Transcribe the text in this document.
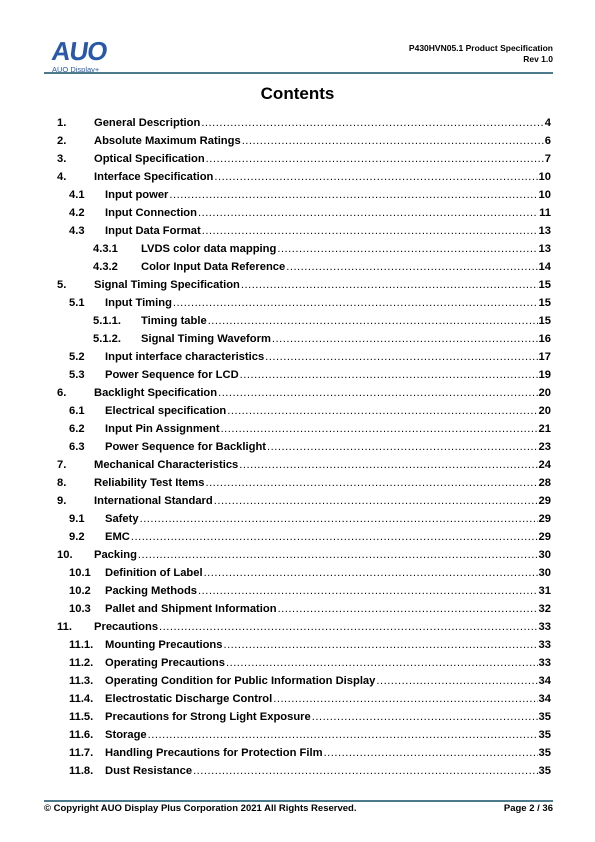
AUO
AUO Display+
P430HVN05.1 Product Specification
Rev 1.0
Contents
1. General Description .....	4
2. Absolute Maximum Ratings .....	6
3. Optical Specification .....	7
4. Interface Specification .....	10
4.1 Input power .....	10
4.2 Input Connection .....	11
4.3 Input Data Format .....	13
4.3.1 LVDS color data mapping .....	13
4.3.2 Color Input Data Reference .....	14
5. Signal Timing Specification .....	15
5.1 Input Timing .....	15
5.1.1. Timing table .....	15
5.1.2. Signal Timing Waveform .....	16
5.2 Input interface characteristics .....	17
5.3 Power Sequence for LCD .....	19
6. Backlight Specification .....	20
6.1 Electrical specification .....	20
6.2 Input Pin Assignment .....	21
6.3 Power Sequence for Backlight .....	23
7. Mechanical Characteristics .....	24
8. Reliability Test Items .....	28
9. International Standard .....	29
9.1 Safety .....	29
9.2 EMC .....	29
10. Packing .....	30
10.1 Definition of Label .....	30
10.2 Packing Methods .....	31
10.3 Pallet and Shipment Information .....	32
11. Precautions .....	33
11.1. Mounting Precautions .....	33
11.2. Operating Precautions .....	33
11.3. Operating Condition for Public Information Display .....	34
11.4. Electrostatic Discharge Control .....	34
11.5. Precautions for Strong Light Exposure .....	35
11.6. Storage .....	35
11.7. Handling Precautions for Protection Film .....	35
11.8. Dust Resistance .....	35
© Copyright AUO Display Plus Corporation 2021 All Rights Reserved.	Page 2 / 36
